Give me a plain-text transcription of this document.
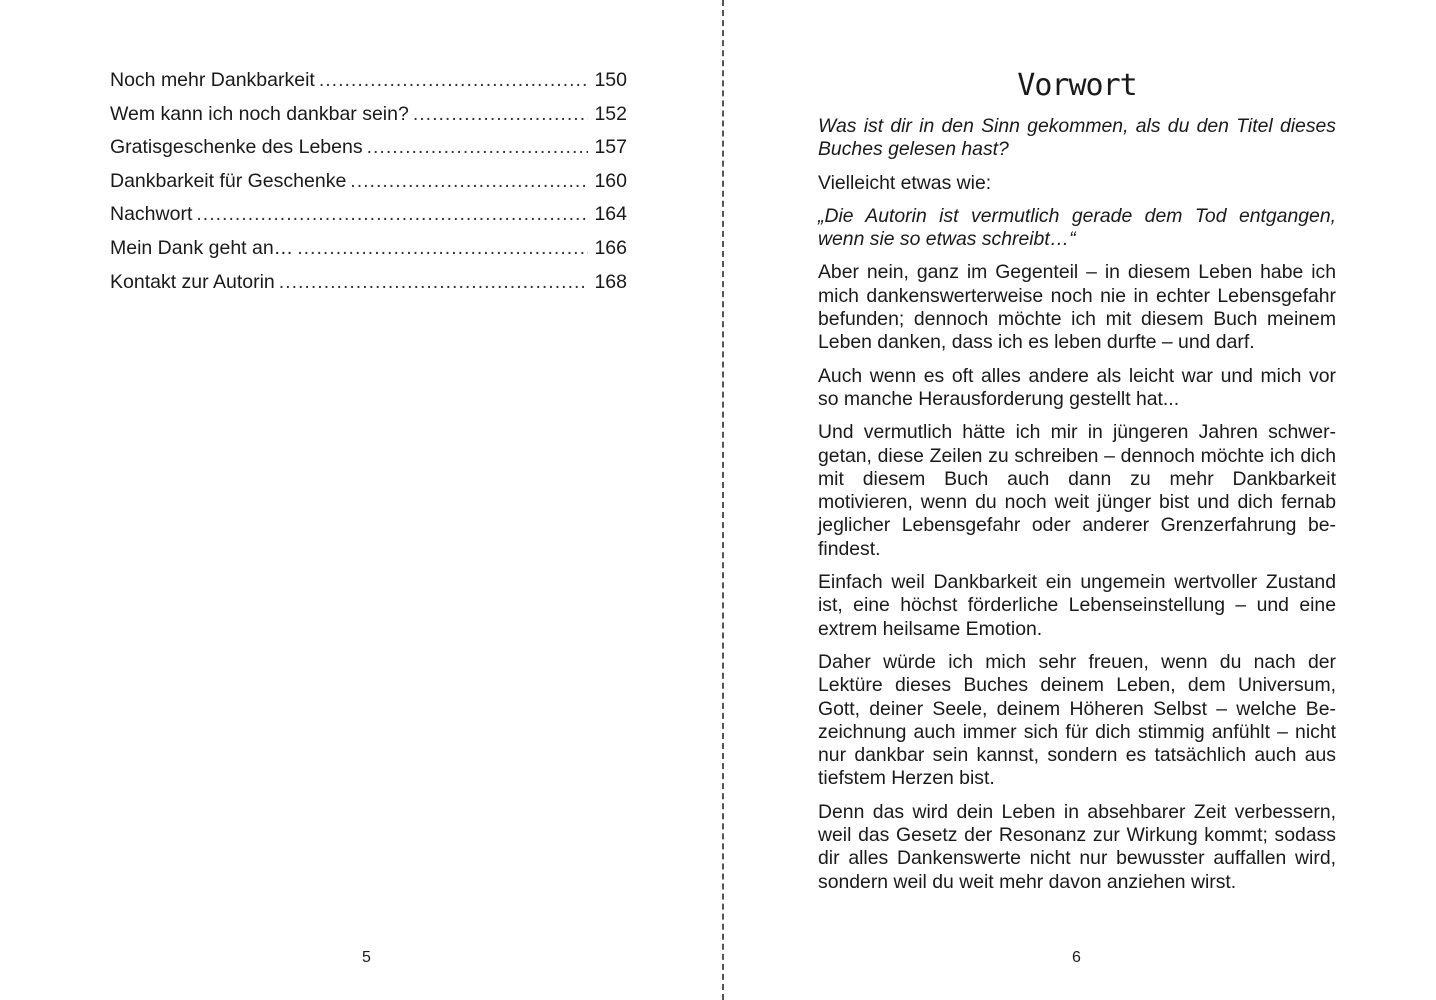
Noch mehr Dankbarkeit .....	150
Wem kann ich noch dankbar sein? .....	152
Gratisgeschenke des Lebens .....	157
Dankbarkeit für Geschenke .....	160
Nachwort .....	164
Mein Dank geht an… .....	166
Kontakt zur Autorin .....	168
5
Vorwort

Was ist dir in den Sinn gekommen, als du den Titel dieses Buches gelesen hast?

Vielleicht etwas wie:

„Die Autorin ist vermutlich gerade dem Tod entgangen, wenn sie so etwas schreibt…“

Aber nein, ganz im Gegenteil – in diesem Leben habe ich mich dankenswerterweise noch nie in echter Lebensgefahr befunden; dennoch möchte ich mit diesem Buch meinem Leben danken, dass ich es leben durfte – und darf.

Auch wenn es oft alles andere als leicht war und mich vor so manche Herausforderung gestellt hat...

Und vermutlich hätte ich mir in jüngeren Jahren schwergetan, diese Zeilen zu schreiben – dennoch möchte ich dich mit diesem Buch auch dann zu mehr Dankbarkeit motivieren, wenn du noch weit jünger bist und dich fernab jeglicher Lebensgefahr oder anderer Grenzerfahrung befindest.

Einfach weil Dankbarkeit ein ungemein wertvoller Zustand ist, eine höchst förderliche Lebenseinstellung – und eine extrem heilsame Emotion.

Daher würde ich mich sehr freuen, wenn du nach der Lektüre dieses Buches deinem Leben, dem Universum, Gott, deiner Seele, deinem Höheren Selbst – welche Bezeichnung auch immer sich für dich stimmig anfühlt – nicht nur dankbar sein kannst, sondern es tatsächlich auch aus tiefstem Herzen bist.

Denn das wird dein Leben in absehbarer Zeit verbessern, weil das Gesetz der Resonanz zur Wirkung kommt; sodass dir alles Dankenswerte nicht nur bewusster auffallen wird, sondern weil du weit mehr davon anziehen wirst.

6
